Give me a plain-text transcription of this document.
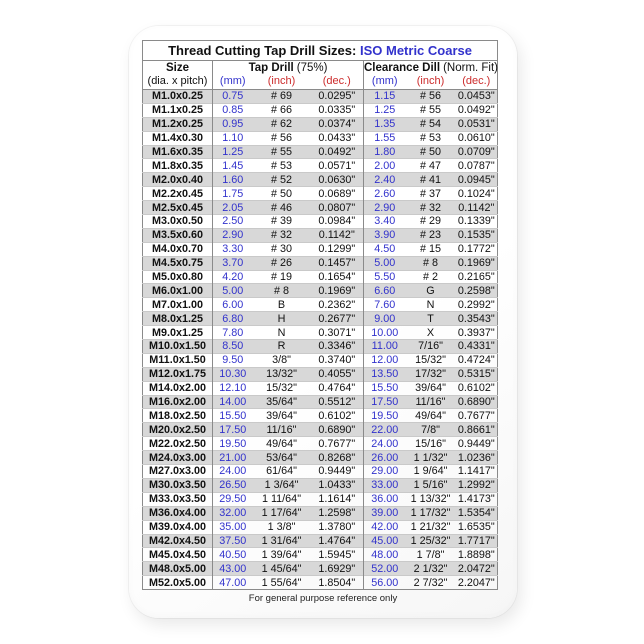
Thread Cutting Tap Drill Sizes: ISO Metric Coarse						
Size	Tap Drill (75%)			Clearance Dill (Norm. Fit)		
(dia. x pitch)	(mm)	(inch)	(dec.)	(mm)	(inch)	(dec.)
M1.0x0.25	0.75	# 69	0.0295"	1.15	# 56	0.0453"
M1.1x0.25	0.85	# 66	0.0335"	1.25	# 55	0.0492"
M1.2x0.25	0.95	# 62	0.0374"	1.35	# 54	0.0531"
M1.4x0.30	1.10	# 56	0.0433"	1.55	# 53	0.0610"
M1.6x0.35	1.25	# 55	0.0492"	1.80	# 50	0.0709"
M1.8x0.35	1.45	# 53	0.0571"	2.00	# 47	0.0787"
M2.0x0.40	1.60	# 52	0.0630"	2.40	# 41	0.0945"
M2.2x0.45	1.75	# 50	0.0689"	2.60	# 37	0.1024"
M2.5x0.45	2.05	# 46	0.0807"	2.90	# 32	0.1142"
M3.0x0.50	2.50	# 39	0.0984"	3.40	# 29	0.1339"
M3.5x0.60	2.90	# 32	0.1142"	3.90	# 23	0.1535"
M4.0x0.70	3.30	# 30	0.1299"	4.50	# 15	0.1772"
M4.5x0.75	3.70	# 26	0.1457"	5.00	# 8	0.1969"
M5.0x0.80	4.20	# 19	0.1654"	5.50	# 2	0.2165"
M6.0x1.00	5.00	# 8	0.1969"	6.60	G	0.2598"
M7.0x1.00	6.00	B	0.2362"	7.60	N	0.2992"
M8.0x1.25	6.80	H	0.2677"	9.00	T	0.3543"
M9.0x1.25	7.80	N	0.3071"	10.00	X	0.3937"
M10.0x1.50	8.50	R	0.3346"	11.00	7/16"	0.4331"
M11.0x1.50	9.50	3/8"	0.3740"	12.00	15/32"	0.4724"
M12.0x1.75	10.30	13/32"	0.4055"	13.50	17/32"	0.5315"
M14.0x2.00	12.10	15/32"	0.4764"	15.50	39/64"	0.6102"
M16.0x2.00	14.00	35/64"	0.5512"	17.50	11/16"	0.6890"
M18.0x2.50	15.50	39/64"	0.6102"	19.50	49/64"	0.7677"
M20.0x2.50	17.50	11/16"	0.6890"	22.00	7/8"	0.8661"
M22.0x2.50	19.50	49/64"	0.7677"	24.00	15/16"	0.9449"
M24.0x3.00	21.00	53/64"	0.8268"	26.00	1 1/32"	1.0236"
M27.0x3.00	24.00	61/64"	0.9449"	29.00	1 9/64"	1.1417"
M30.0x3.50	26.50	1 3/64"	1.0433"	33.00	1 5/16"	1.2992"
M33.0x3.50	29.50	1 11/64"	1.1614"	36.00	1 13/32"	1.4173"
M36.0x4.00	32.00	1 17/64"	1.2598"	39.00	1 17/32"	1.5354"
M39.0x4.00	35.00	1 3/8"	1.3780"	42.00	1 21/32"	1.6535"
M42.0x4.50	37.50	1 31/64"	1.4764"	45.00	1 25/32"	1.7717"
M45.0x4.50	40.50	1 39/64"	1.5945"	48.00	1 7/8"	1.8898"
M48.0x5.00	43.00	1 45/64"	1.6929"	52.00	2 1/32"	2.0472"
M52.0x5.00	47.00	1 55/64"	1.8504"	56.00	2 7/32"	2.2047"
For general purpose reference only
